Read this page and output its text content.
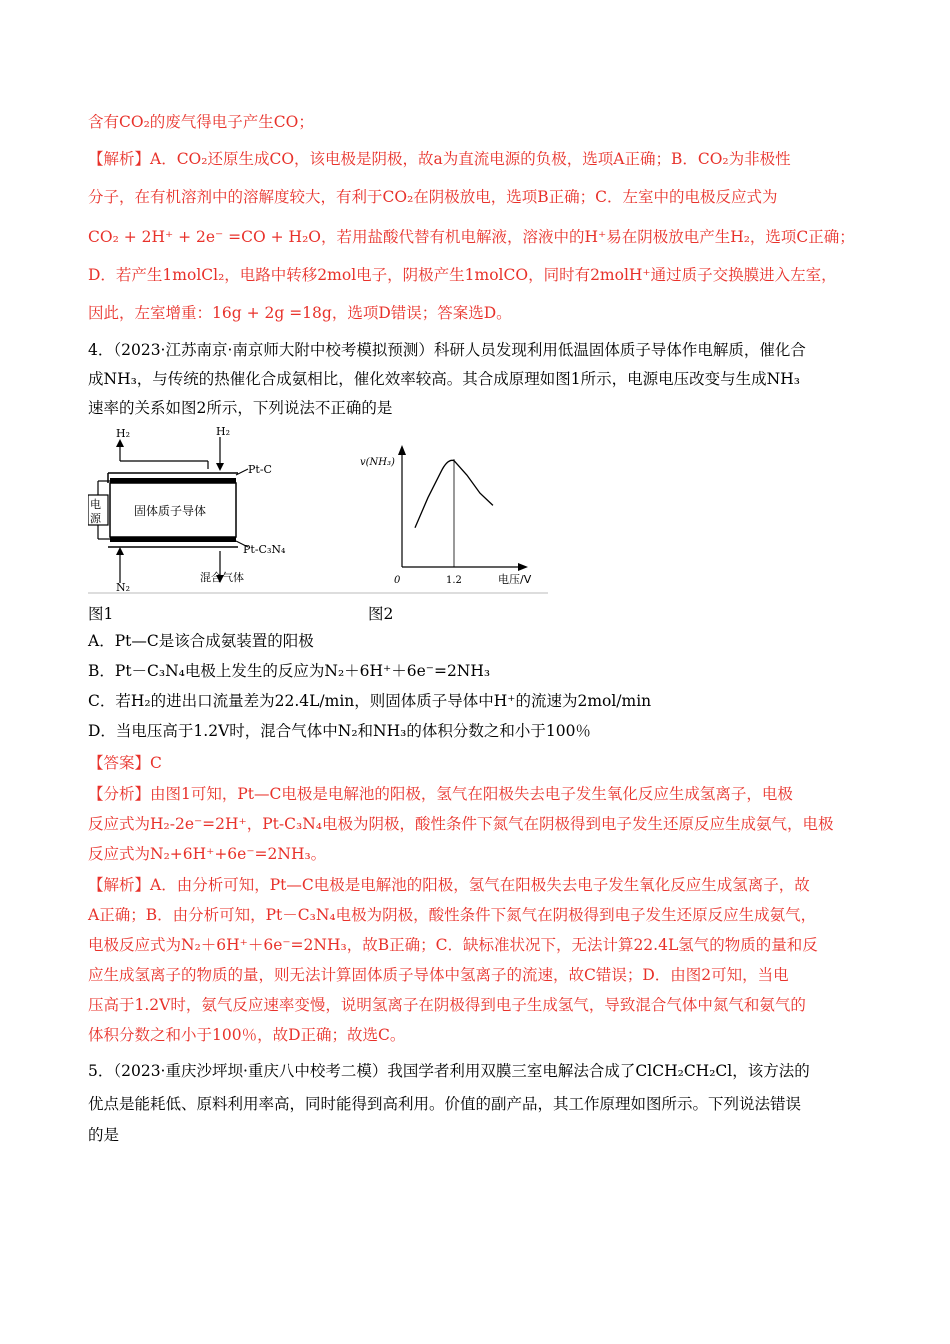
含有CO₂的废气得电子产生CO；
【解析】A．CO₂还原生成CO，该电极是阴极，故a为直流电源的负极，选项A正确；B．CO₂为非极性
分子，在有机溶剂中的溶解度较大，有利于CO₂在阴极放电，选项B正确；C．左室中的电极反应式为
CO₂ + 2H⁺ + 2e⁻ =CO + H₂O，若用盐酸代替有机电解液，溶液中的H⁺易在阴极放电产生H₂，选项C正确；
D．若产生1molCl₂，电路中转移2mol电子，阴极产生1molCO，同时有2molH⁺通过质子交换膜进入左室，
因此，左室增重：16g + 2g =18g，选项D错误；答案选D。
4．（2023·江苏南京·南京师大附中校考模拟预测）科研人员发现利用低温固体质子导体作电解质，催化合
成NH₃，与传统的热催化合成氨相比，催化效率较高。其合成原理如图1所示，电源电压改变与生成NH₃
速率的关系如图2所示，下列说法不正确的是
H₂	H₂
Pt-C
电
源
固体质子导体
Pt-C₃N₄
N₂
混合气体
v(NH₃)
0	1.2	电压/V
图1	图2
A．Pt—C是该合成氨装置的阳极
B．Pt－C₃N₄电极上发生的反应为N₂＋6H⁺＋6e⁻=2NH₃
C．若H₂的进出口流量差为22.4L/min，则固体质子导体中H⁺的流速为2mol/min
D．当电压高于1.2V时，混合气体中N₂和NH₃的体积分数之和小于100％
【答案】C
【分析】由图1可知，Pt—C电极是电解池的阳极，氢气在阳极失去电子发生氧化反应生成氢离子，电极
反应式为H₂-2e⁻=2H⁺，Pt-C₃N₄电极为阴极，酸性条件下氮气在阴极得到电子发生还原反应生成氨气，电极
反应式为N₂+6H⁺+6e⁻=2NH₃。
【解析】A．由分析可知，Pt—C电极是电解池的阳极，氢气在阳极失去电子发生氧化反应生成氢离子，故
A正确；B．由分析可知，Pt－C₃N₄电极为阴极，酸性条件下氮气在阴极得到电子发生还原反应生成氨气，
电极反应式为N₂＋6H⁺＋6e⁻=2NH₃，故B正确；C．缺标准状况下，无法计算22.4L氢气的物质的量和反
应生成氢离子的物质的量，则无法计算固体质子导体中氢离子的流速，故C错误；D．由图2可知，当电
压高于1.2V时，氨气反应速率变慢，说明氢离子在阴极得到电子生成氢气，导致混合气体中氮气和氨气的
体积分数之和小于100％，故D正确；故选C。
5．（2023·重庆沙坪坝·重庆八中校考二模）我国学者利用双膜三室电解法合成了ClCH₂CH₂Cl，该方法的
优点是能耗低、原料利用率高，同时能得到高利用。价值的副产品，其工作原理如图所示。下列说法错误
的是
